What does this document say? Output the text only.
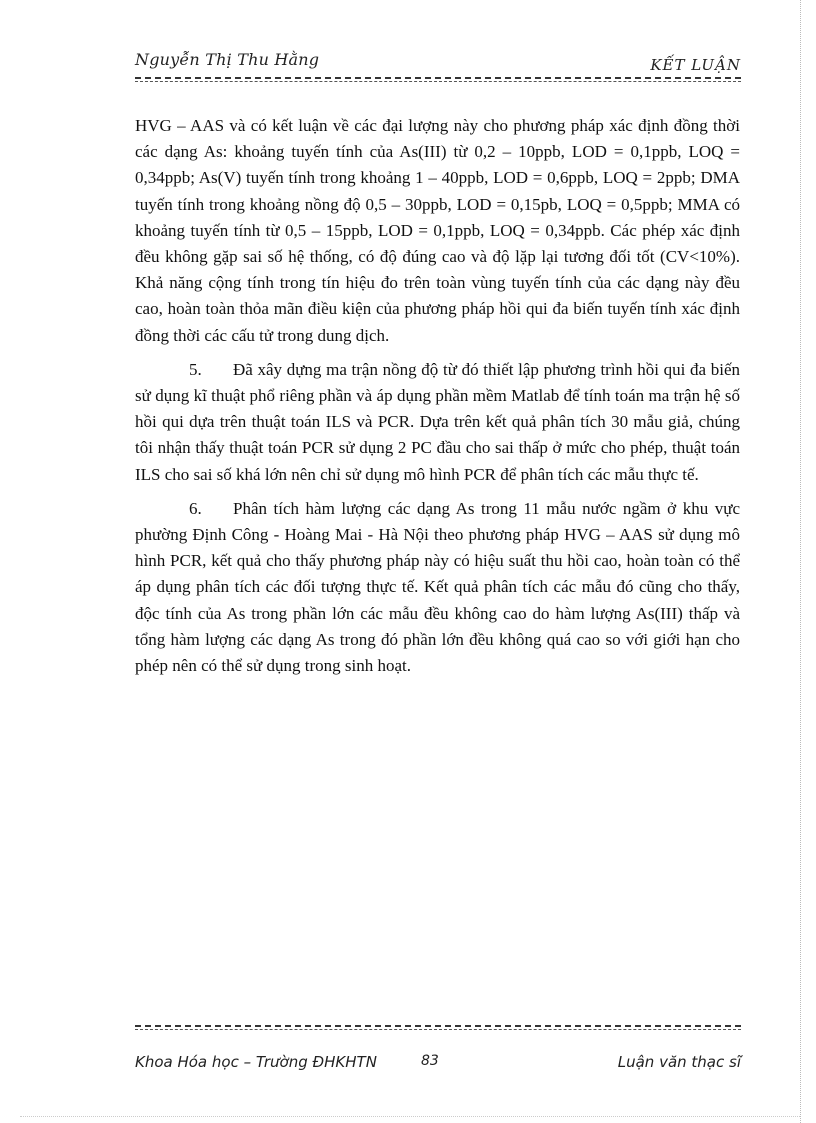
Nguyễn Thị Thu Hằng	KẾT LUẬN

HVG – AAS và có kết luận về các đại lượng này cho phương pháp xác định đồng thời các dạng As: khoảng tuyến tính của As(III) từ 0,2 – 10ppb, LOD = 0,1ppb, LOQ = 0,34ppb; As(V) tuyến tính trong khoảng 1 – 40ppb, LOD = 0,6ppb, LOQ = 2ppb; DMA tuyến tính trong khoảng nồng độ 0,5 – 30ppb, LOD = 0,15pb, LOQ = 0,5ppb; MMA có khoảng tuyến tính từ 0,5 – 15ppb, LOD = 0,1ppb, LOQ = 0,34ppb. Các phép xác định đều không gặp sai số hệ thống, có độ đúng cao và độ lặp lại tương đối tốt (CV<10%). Khả năng cộng tính trong tín hiệu đo trên toàn vùng tuyến tính của các dạng này đều cao, hoàn toàn thỏa mãn điều kiện của phương pháp hồi qui đa biến tuyến tính xác định đồng thời các cấu tử trong dung dịch.

5. Đã xây dựng ma trận nồng độ từ đó thiết lập phương trình hồi qui đa biến sử dụng kĩ thuật phổ riêng phần và áp dụng phần mềm Matlab để tính toán ma trận hệ số hồi qui dựa trên thuật toán ILS và PCR. Dựa trên kết quả phân tích 30 mẫu giả, chúng tôi nhận thấy thuật toán PCR sử dụng 2 PC đầu cho sai thấp ở mức cho phép, thuật toán ILS cho sai số khá lớn nên chỉ sử dụng mô hình PCR để phân tích các mẫu thực tế.

6. Phân tích hàm lượng các dạng As trong 11 mẫu nước ngầm ở khu vực phường Định Công - Hoàng Mai - Hà Nội theo phương pháp HVG – AAS sử dụng mô hình PCR, kết quả cho thấy phương pháp này có hiệu suất thu hồi cao, hoàn toàn có thể áp dụng phân tích các đối tượng thực tế. Kết quả phân tích các mẫu đó cũng cho thấy, độc tính của As trong phần lớn các mẫu đều không cao do hàm lượng As(III) thấp và tổng hàm lượng các dạng As trong đó phần lớn đều không quá cao so với giới hạn cho phép nên có thể sử dụng trong sinh hoạt.

Khoa Hóa học – Trường ĐHKHTN	83	Luận văn thạc sĩ
